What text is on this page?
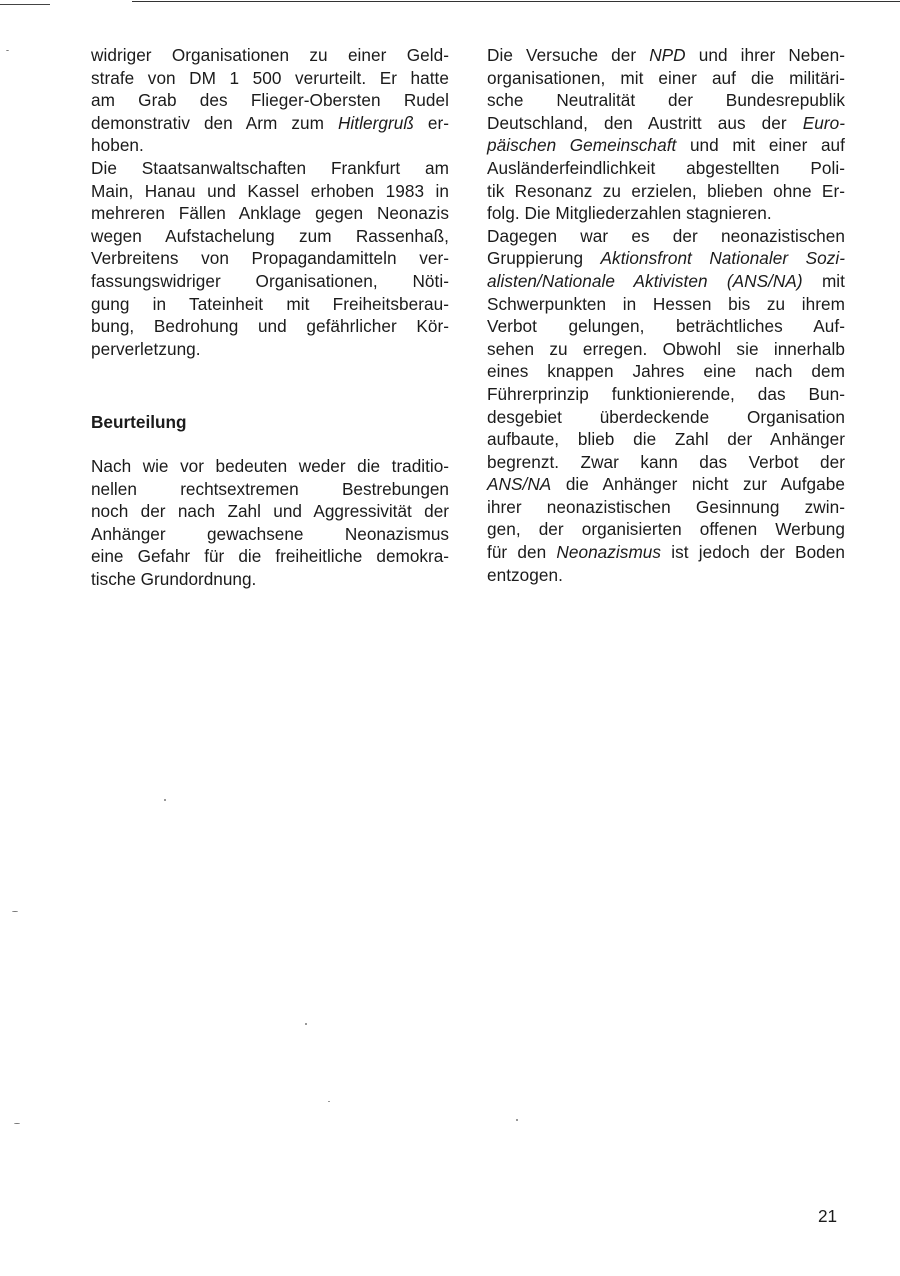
widriger Organisationen zu einer Geld-
strafe von DM 1 500 verurteilt. Er hatte
am Grab des Flieger-Obersten Rudel
demonstrativ den Arm zum Hitlergruß er-
hoben.
Die Staatsanwaltschaften Frankfurt am
Main, Hanau und Kassel erhoben 1983 in
mehreren Fällen Anklage gegen Neonazis
wegen Aufstachelung zum Rassenhaß,
Verbreitens von Propagandamitteln ver-
fassungswidriger Organisationen, Nöti-
gung in Tateinheit mit Freiheitsberau-
bung, Bedrohung und gefährlicher Kör-
perverletzung.
Beurteilung
Nach wie vor bedeuten weder die traditio-
nellen rechtsextremen Bestrebungen
noch der nach Zahl und Aggressivität der
Anhänger gewachsene Neonazismus
eine Gefahr für die freiheitliche demokra-
tische Grundordnung.
Die Versuche der NPD und ihrer Neben-
organisationen, mit einer auf die militäri-
sche Neutralität der Bundesrepublik
Deutschland, den Austritt aus der Euro-
päischen Gemeinschaft und mit einer auf
Ausländerfeindlichkeit abgestellten Poli-
tik Resonanz zu erzielen, blieben ohne Er-
folg. Die Mitgliederzahlen stagnieren.
Dagegen war es der neonazistischen
Gruppierung Aktionsfront Nationaler Sozi-
alisten/Nationale Aktivisten (ANS/NA) mit
Schwerpunkten in Hessen bis zu ihrem
Verbot gelungen, beträchtliches Auf-
sehen zu erregen. Obwohl sie innerhalb
eines knappen Jahres eine nach dem
Führerprinzip funktionierende, das Bun-
desgebiet überdeckende Organisation
aufbaute, blieb die Zahl der Anhänger
begrenzt. Zwar kann das Verbot der
ANS/NA die Anhänger nicht zur Aufgabe
ihrer neonazistischen Gesinnung zwin-
gen, der organisierten offenen Werbung
für den Neonazismus ist jedoch der Boden
entzogen.
21
